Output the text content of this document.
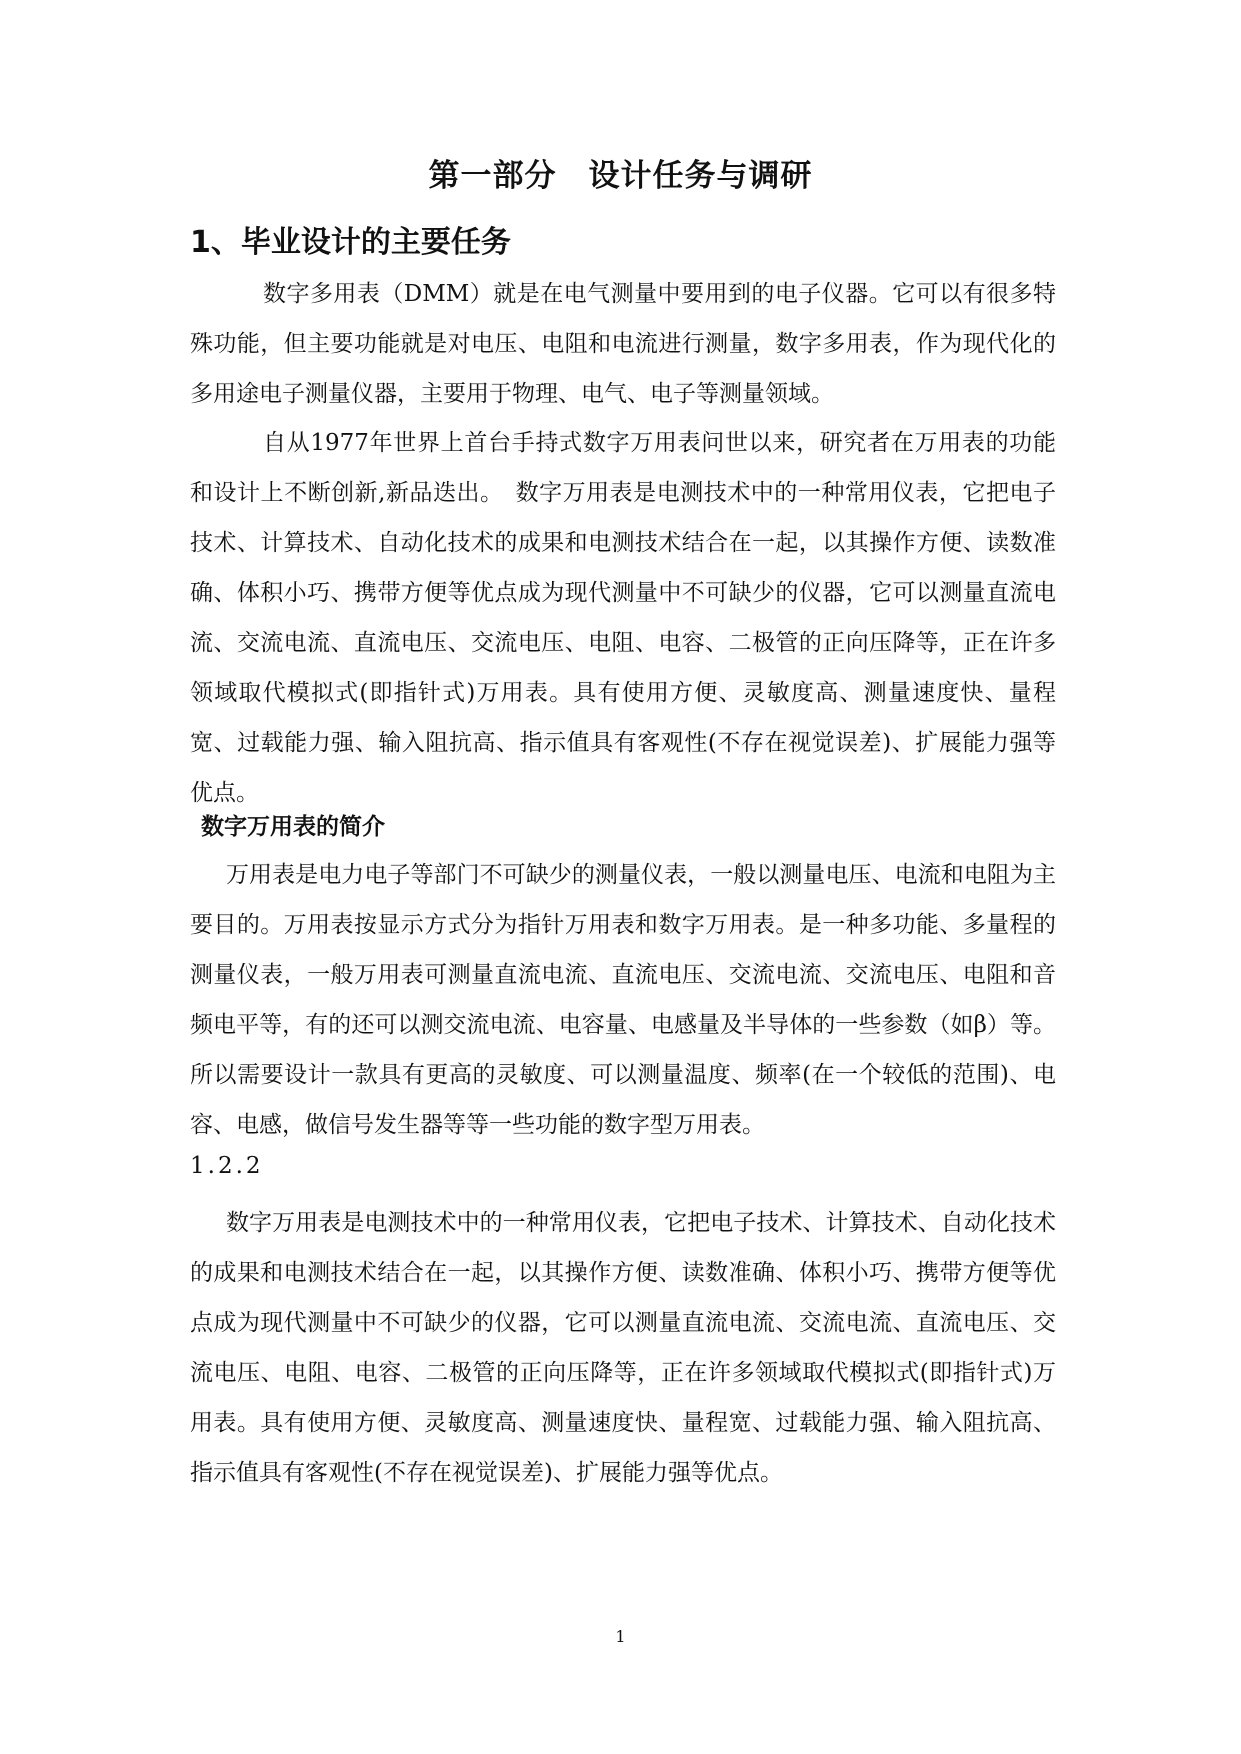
第一部分　设计任务与调研
1、毕业设计的主要任务

数字多用表（DMM）就是在电气测量中要用到的电子仪器。它可以有很多特殊功能，但主要功能就是对电压、电阻和电流进行测量，数字多用表，作为现代化的多用途电子测量仪器，主要用于物理、电气、电子等测量领域。

自从1977年世界上首台手持式数字万用表问世以来，研究者在万用表的功能和设计上不断创新,新品迭出。　数字万用表是电测技术中的一种常用仪表，它把电子技术、计算技术、自动化技术的成果和电测技术结合在一起，以其操作方便、读数准确、体积小巧、携带方便等优点成为现代测量中不可缺少的仪器，它可以测量直流电流、交流电流、直流电压、交流电压、电阻、电容、二极管的正向压降等，正在许多领域取代模拟式(即指针式)万用表。具有使用方便、灵敏度高、测量速度快、量程宽、过载能力强、输入阻抗高、指示值具有客观性(不存在视觉误差)、扩展能力强等优点。

数字万用表的简介

万用表是电力电子等部门不可缺少的测量仪表，一般以测量电压、电流和电阻为主要目的。万用表按显示方式分为指针万用表和数字万用表。是一种多功能、多量程的测量仪表，一般万用表可测量直流电流、直流电压、交流电流、交流电压、电阻和音频电平等，有的还可以测交流电流、电容量、电感量及半导体的一些参数（如β）等。所以需要设计一款具有更高的灵敏度、可以测量温度、频率(在一个较低的范围)、电容、电感，做信号发生器等等一些功能的数字型万用表。

1.2.2

数字万用表是电测技术中的一种常用仪表，它把电子技术、计算技术、自动化技术的成果和电测技术结合在一起，以其操作方便、读数准确、体积小巧、携带方便等优点成为现代测量中不可缺少的仪器，它可以测量直流电流、交流电流、直流电压、交流电压、电阻、电容、二极管的正向压降等，正在许多领域取代模拟式(即指针式)万用表。具有使用方便、灵敏度高、测量速度快、量程宽、过载能力强、输入阻抗高、指示值具有客观性(不存在视觉误差)、扩展能力强等优点。

1
